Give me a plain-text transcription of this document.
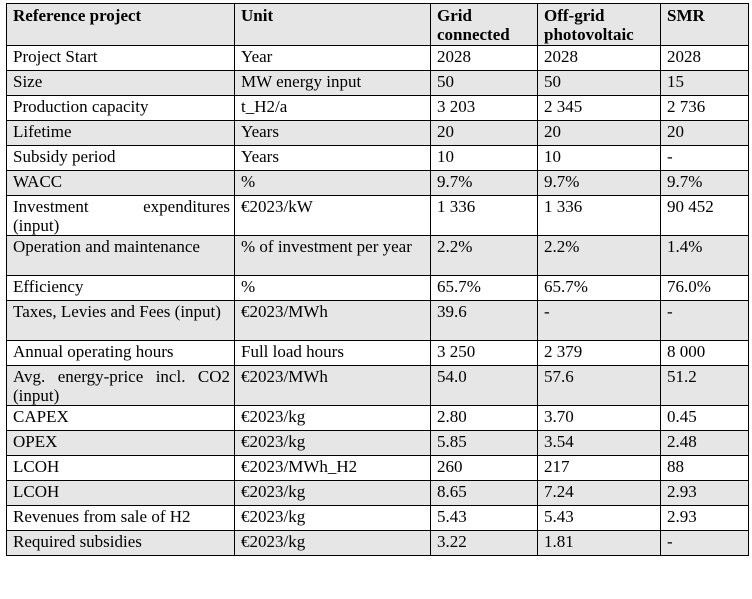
Reference project	Unit	Grid connected	Off-grid photovoltaic	SMR
Project Start	Year	2028	2028	2028
Size	MW energy input	50	50	15
Production capacity	t_H2/a	3 203	2 345	2 736
Lifetime	Years	20	20	20
Subsidy period	Years	10	10	-
WACC	%	9.7%	9.7%	9.7%
Investment expenditures (input)	€2023/kW	1 336	1 336	90 452
Operation and maintenance	% of investment per year	2.2%	2.2%	1.4%
Efficiency	%	65.7%	65.7%	76.0%
Taxes, Levies and Fees (input)	€2023/MWh	39.6	-	-
Annual operating hours	Full load hours	3 250	2 379	8 000
Avg. energy-price incl. CO2 (input)	€2023/MWh	54.0	57.6	51.2
CAPEX	€2023/kg	2.80	3.70	0.45
OPEX	€2023/kg	5.85	3.54	2.48
LCOH	€2023/MWh_H2	260	217	88
LCOH	€2023/kg	8.65	7.24	2.93
Revenues from sale of H2	€2023/kg	5.43	5.43	2.93
Required subsidies	€2023/kg	3.22	1.81	-
